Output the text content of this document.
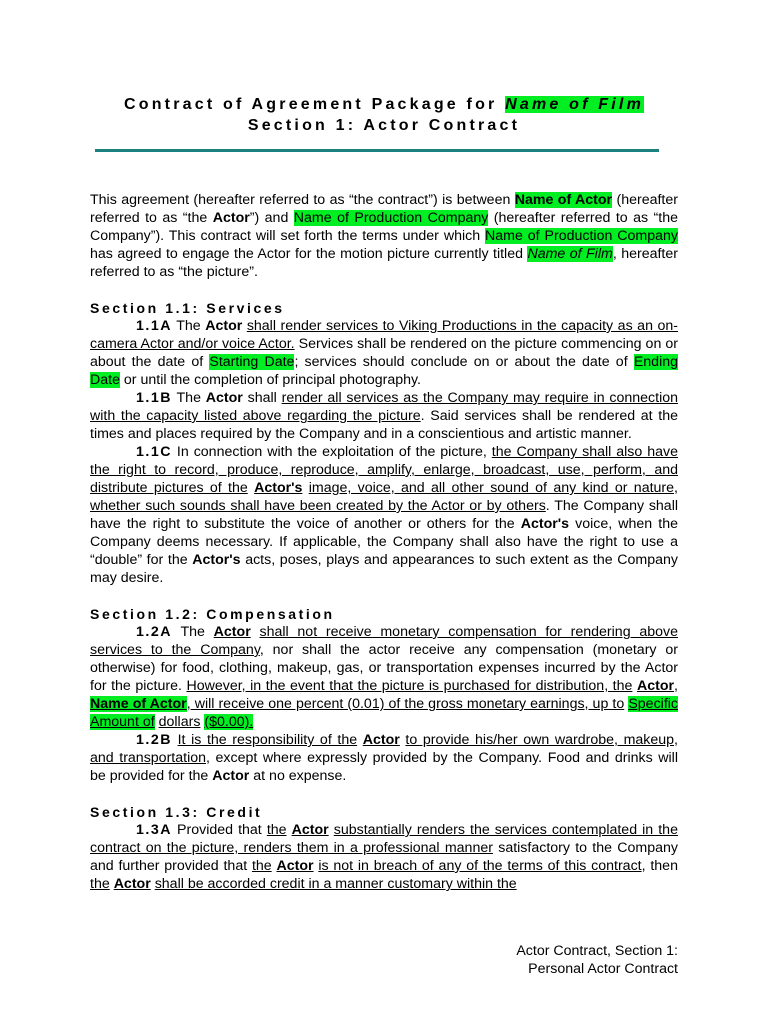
Contract of Agreement Package for Name of Film
Section 1: Actor Contract

This agreement (hereafter referred to as “the contract”) is between Name of Actor (hereafter referred to as “the Actor”) and Name of Production Company (hereafter referred to as “the Company”). This contract will set forth the terms under which Name of Production Company has agreed to engage the Actor for the motion picture currently titled Name of Film, hereafter referred to as “the picture”.

Section 1.1: Services

1.1A The Actor shall render services to Viking Productions in the capacity as an on- camera Actor and/or voice Actor. Services shall be rendered on the picture commencing on or about the date of Starting Date; services should conclude on or about the date of Ending Date or until the completion of principal photography.

1.1B The Actor shall render all services as the Company may require in connection with the capacity listed above regarding the picture. Said services shall be rendered at the times and places required by the Company and in a conscientious and artistic manner.

1.1C In connection with the exploitation of the picture, the Company shall also have the right to record, produce, reproduce, amplify, enlarge, broadcast, use, perform, and distribute pictures of the Actor's image, voice, and all other sound of any kind or nature, whether such sounds shall have been created by the Actor or by others. The Company shall have the right to substitute the voice of another or others for the Actor's voice, when the Company deems necessary. If applicable, the Company shall also have the right to use a “double” for the Actor's acts, poses, plays and appearances to such extent as the Company may desire.

Section 1.2: Compensation

1.2A The Actor shall not receive monetary compensation for rendering above services to the Company, nor shall the actor receive any compensation (monetary or otherwise) for food, clothing, makeup, gas, or transportation expenses incurred by the Actor for the picture. However, in the event that the picture is purchased for distribution, the Actor, Name of Actor, will receive one percent (0.01) of the gross monetary earnings, up to Specific Amount of dollars ($0.00).

1.2B It is the responsibility of the Actor to provide his/her own wardrobe, makeup, and transportation, except where expressly provided by the Company. Food and drinks will be provided for the Actor at no expense.

Section 1.3: Credit

1.3A Provided that the Actor substantially renders the services contemplated in the contract on the picture, renders them in a professional manner satisfactory to the Company and further provided that the Actor is not in breach of any of the terms of this contract, then the Actor shall be accorded credit in a manner customary within the

Actor Contract, Section 1:
Personal Actor Contract
